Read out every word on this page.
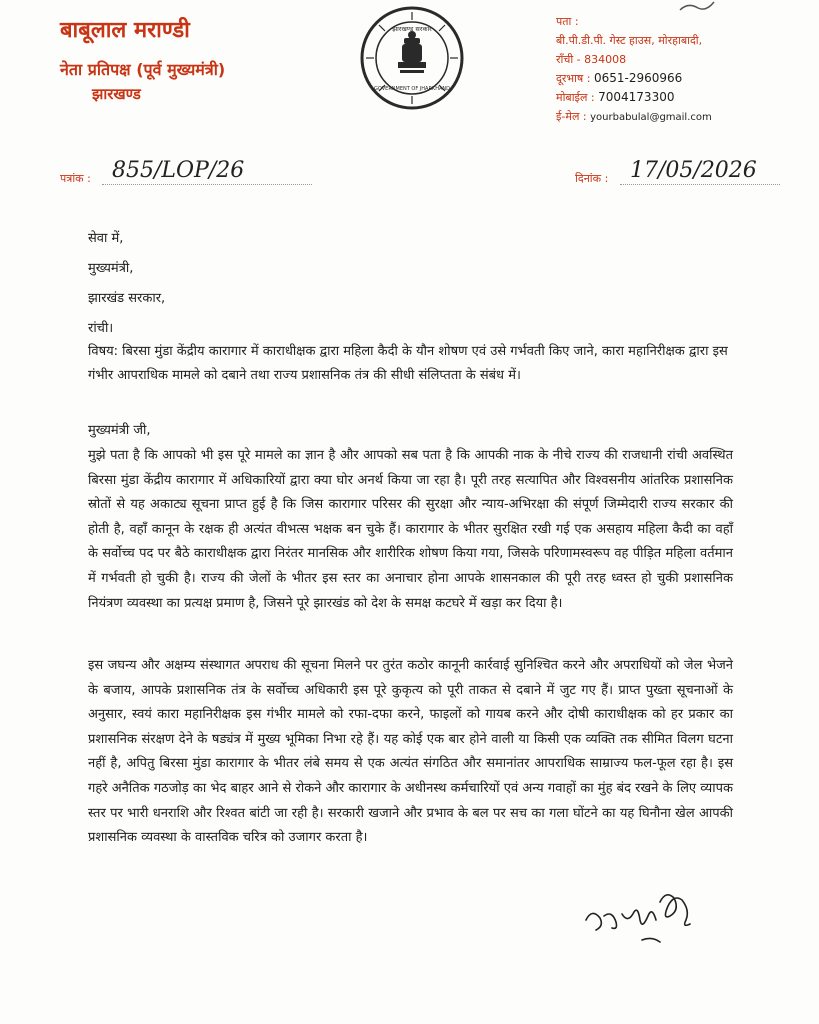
बाबूलाल मराण्डी
नेता प्रतिपक्ष (पूर्व मुख्यमंत्री)
झारखण्ड
झारखण्ड सरकार
GOVERNMENT OF JHARKHAND
पता :
बी.पी.डी.पी. गेस्ट हाउस, मोरहाबादी,
राँची - 834008
दूरभाष : 0651-2960966
मोबाईल : 7004173300
ई-मेल : yourbabulal@gmail.com
पत्रांक : 855/LOP/26	दिनांक : 17/05/2026
सेवा में,
मुख्यमंत्री,
झारखंड सरकार,
रांची।
विषय: बिरसा मुंडा केंद्रीय कारागार में काराधीक्षक द्वारा महिला कैदी के यौन शोषण एवं उसे गर्भवती किए जाने, कारा महानिरीक्षक द्वारा इस गंभीर आपराधिक मामले को दबाने तथा राज्य प्रशासनिक तंत्र की सीधी संलिप्तता के संबंध में।
मुख्यमंत्री जी,
मुझे पता है कि आपको भी इस पूरे मामले का ज्ञान है और आपको सब पता है कि आपकी नाक के नीचे राज्य की राजधानी रांची अवस्थित बिरसा मुंडा केंद्रीय कारागार में अधिकारियों द्वारा क्या घोर अनर्थ किया जा रहा है। पूरी तरह सत्यापित और विश्वसनीय आंतरिक प्रशासनिक स्रोतों से यह अकाट्य सूचना प्राप्त हुई है कि जिस कारागार परिसर की सुरक्षा और न्याय-अभिरक्षा की संपूर्ण जिम्मेदारी राज्य सरकार की होती है, वहाँ कानून के रक्षक ही अत्यंत वीभत्स भक्षक बन चुके हैं। कारागार के भीतर सुरक्षित रखी गई एक असहाय महिला कैदी का वहाँ के सर्वोच्च पद पर बैठे काराधीक्षक द्वारा निरंतर मानसिक और शारीरिक शोषण किया गया, जिसके परिणामस्वरूप वह पीड़ित महिला वर्तमान में गर्भवती हो चुकी है। राज्य की जेलों के भीतर इस स्तर का अनाचार होना आपके शासनकाल की पूरी तरह ध्वस्त हो चुकी प्रशासनिक नियंत्रण व्यवस्था का प्रत्यक्ष प्रमाण है, जिसने पूरे झारखंड को देश के समक्ष कटघरे में खड़ा कर दिया है।
इस जघन्य और अक्षम्य संस्थागत अपराध की सूचना मिलने पर तुरंत कठोर कानूनी कार्रवाई सुनिश्चित करने और अपराधियों को जेल भेजने के बजाय, आपके प्रशासनिक तंत्र के सर्वोच्च अधिकारी इस पूरे कुकृत्य को पूरी ताकत से दबाने में जुट गए हैं। प्राप्त पुख्ता सूचनाओं के अनुसार, स्वयं कारा महानिरीक्षक इस गंभीर मामले को रफा-दफा करने, फाइलों को गायब करने और दोषी काराधीक्षक को हर प्रकार का प्रशासनिक संरक्षण देने के षड्यंत्र में मुख्य भूमिका निभा रहे हैं। यह कोई एक बार होने वाली या किसी एक व्यक्ति तक सीमित विलग घटना नहीं है, अपितु बिरसा मुंडा कारागार के भीतर लंबे समय से एक अत्यंत संगठित और समानांतर आपराधिक साम्राज्य फल-फूल रहा है। इस गहरे अनैतिक गठजोड़ का भेद बाहर आने से रोकने और कारागार के अधीनस्थ कर्मचारियों एवं अन्य गवाहों का मुंह बंद रखने के लिए व्यापक स्तर पर भारी धनराशि और रिश्वत बांटी जा रही है। सरकारी खजाने और प्रभाव के बल पर सच का गला घोंटने का यह घिनौना खेल आपकी प्रशासनिक व्यवस्था के वास्तविक चरित्र को उजागर करता है।
